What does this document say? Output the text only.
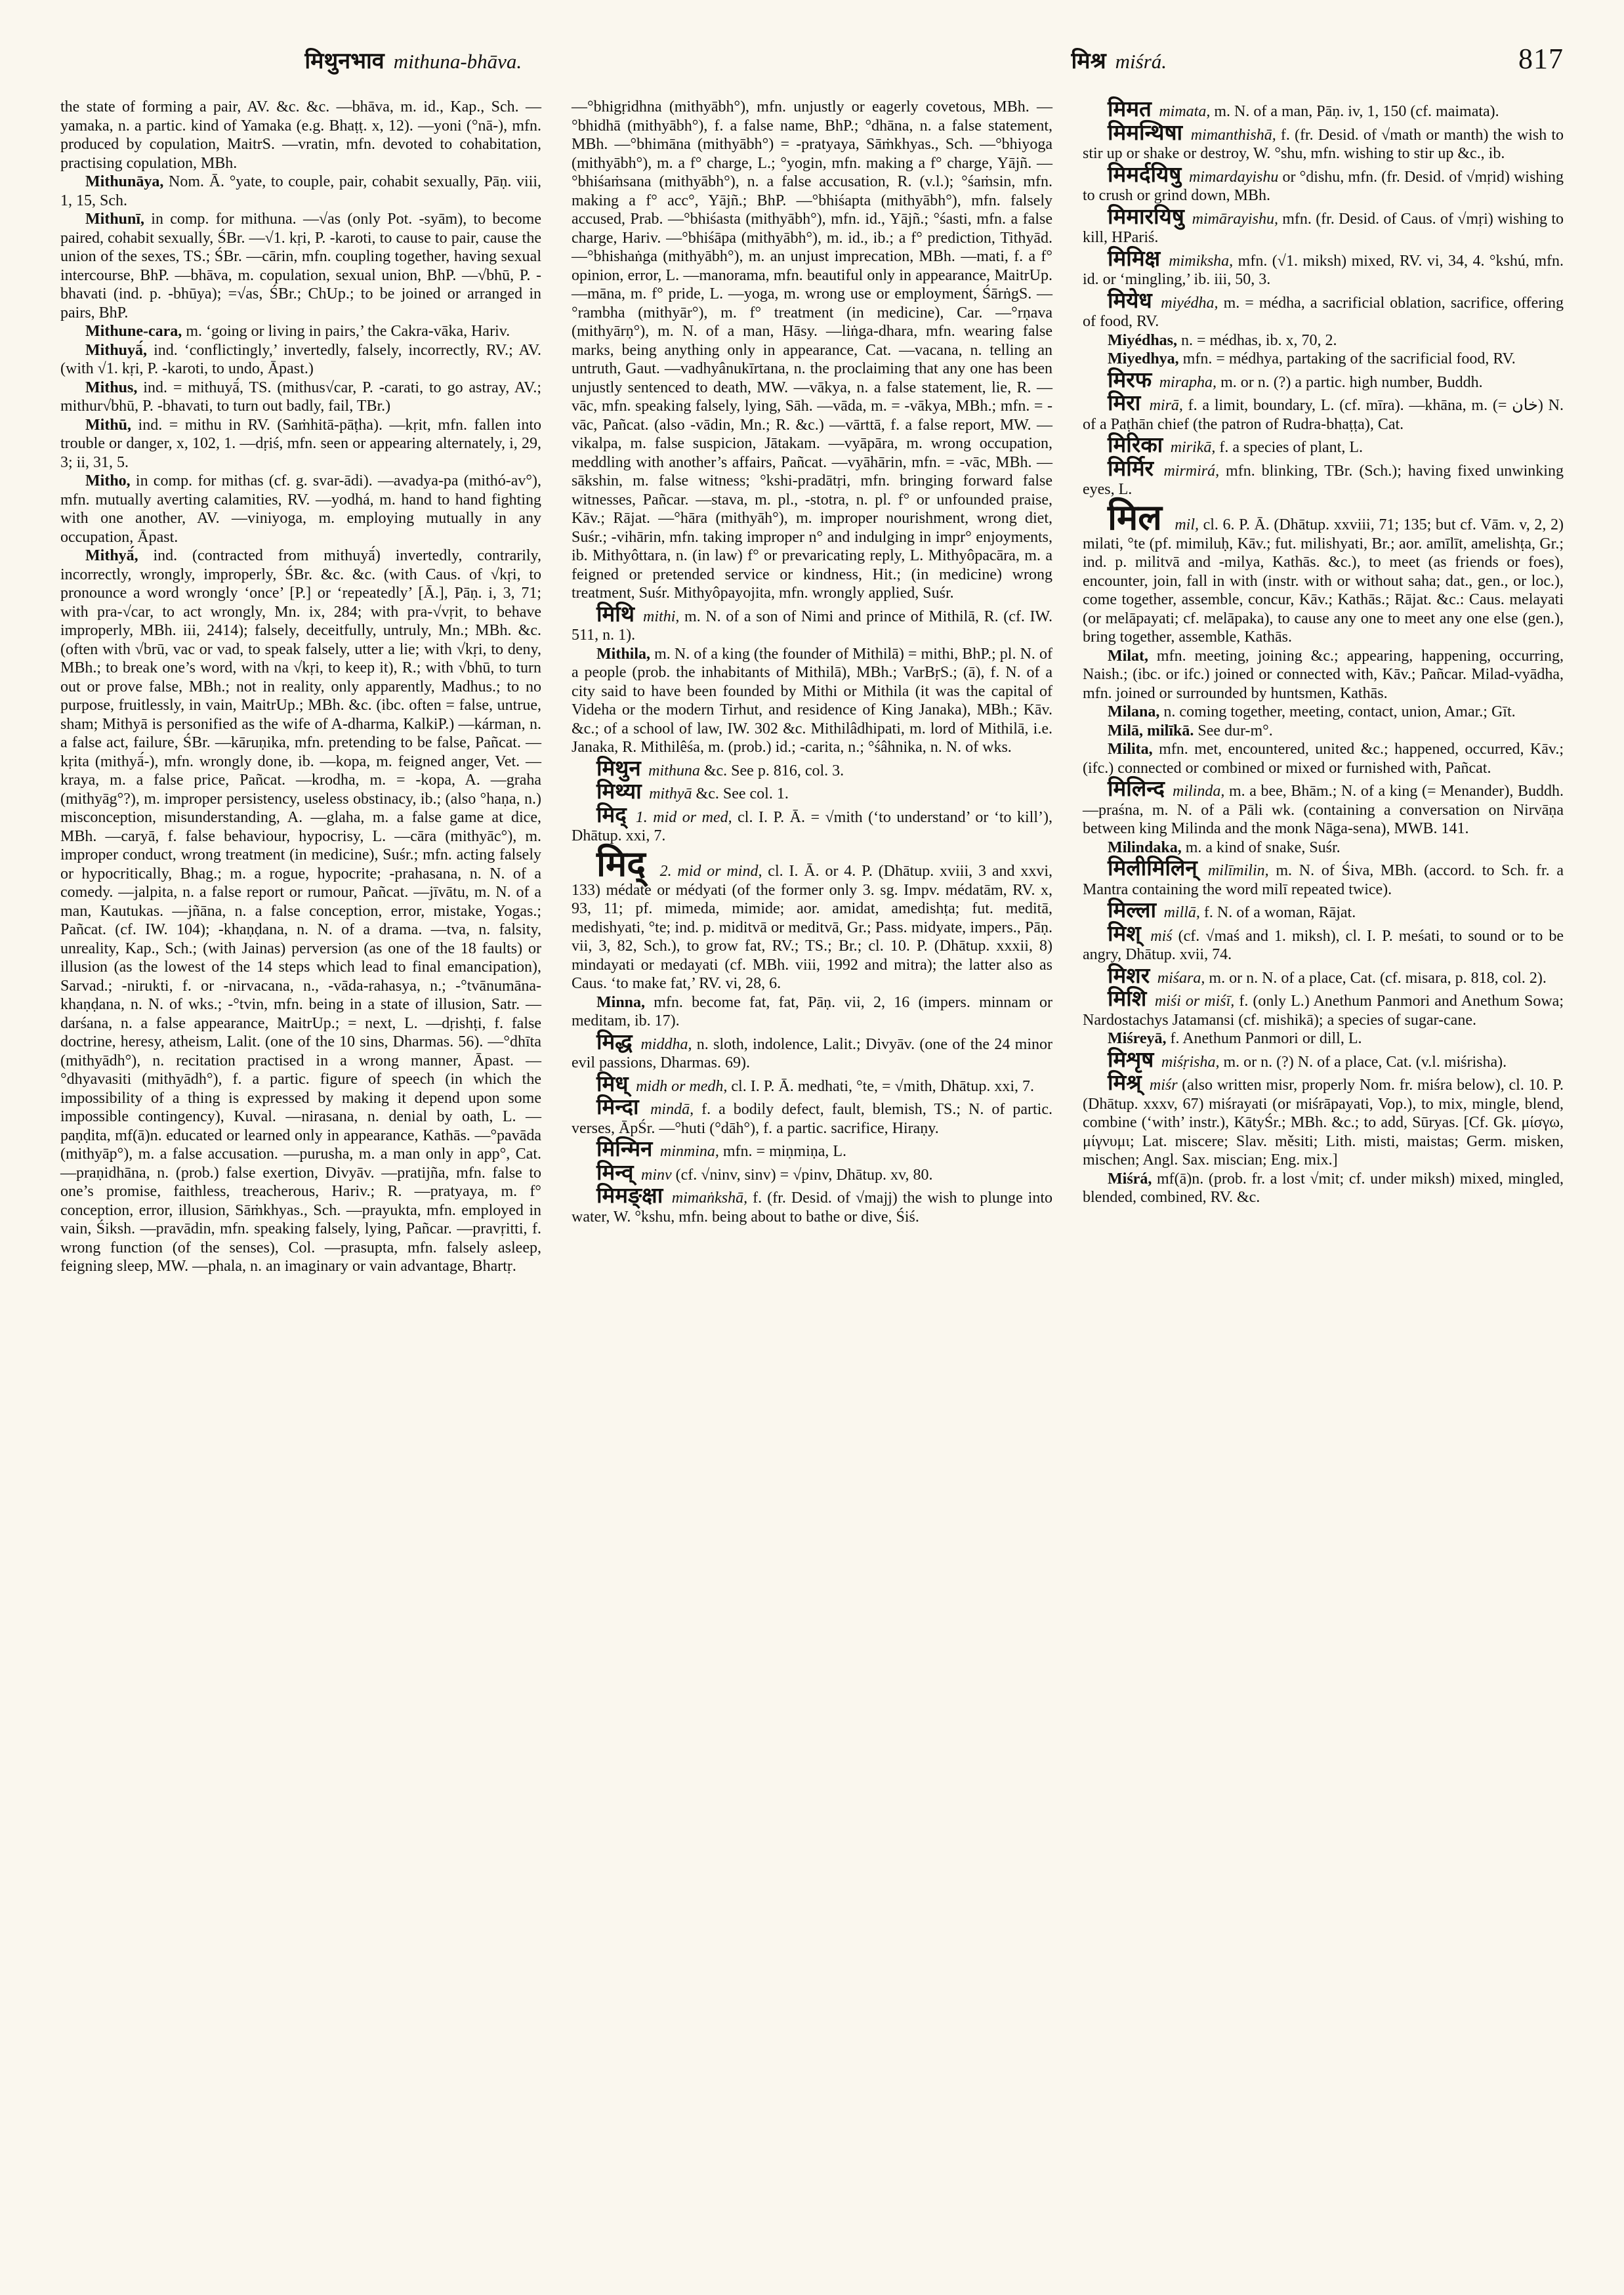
मिथुनभाव mithuna-bhāva.	मिश्र miśrá.	817

the state of forming a pair, AV. &c. &c. —bhāva, m. id., Kap., Sch. —yamaka, n. a partic. kind of Yamaka (e.g. Bhaṭṭ. x, 12). —yoni (°nā-), mfn. produced by copulation, MaitrS. —vratin, mfn. devoted to cohabitation, practising copulation, MBh.

Mithunāya, Nom. Ā. °yate, to couple, pair, cohabit sexually, Pāṇ. viii, 1, 15, Sch.

Mithunī, in comp. for mithuna. —√as (only Pot. -syām), to become paired, cohabit sexually, ŚBr. —√1. kṛi, P. -karoti, to cause to pair, cause the union of the sexes, TS.; ŚBr. —cārin, mfn. coupling together, having sexual intercourse, BhP. —bhāva, m. copulation, sexual union, BhP. —√bhū, P. -bhavati (ind. p. -bhūya); =√as, ŚBr.; ChUp.; to be joined or arranged in pairs, BhP.

Mithune-cara, m. ‘going or living in pairs,’ the Cakra-vāka, Hariv.

Mithuyā́, ind. ‘conflictingly,’ invertedly, falsely, incorrectly, RV.; AV. (with √1. kṛi, P. -karoti, to undo, Āpast.)

Mithus, ind. = mithuyā́, TS. (mithus√car, P. -carati, to go astray, AV.; mithur√bhū, P. -bhavati, to turn out badly, fail, TBr.)

Mithū, ind. = mithu in RV. (Saṁhitā-pāṭha). —kṛit, mfn. fallen into trouble or danger, x, 102, 1. —dṛiś, mfn. seen or appearing alternately, i, 29, 3; ii, 31, 5.

Mitho, in comp. for mithas (cf. g. svar-ādi). —avadya-pa (mithó-av°), mfn. mutually averting calamities, RV. —yodhá, m. hand to hand fighting with one another, AV. —viniyoga, m. employing mutually in any occupation, Āpast.

Mithyā́, ind. (contracted from mithuyā́) invertedly, contrarily, incorrectly, wrongly, improperly, ŚBr. &c. &c. (with Caus. of √kṛi, to pronounce a word wrongly ‘once’ [P.] or ‘repeatedly’ [Ā.], Pāṇ. i, 3, 71; with pra-√car, to act wrongly, Mn. ix, 284; with pra-√vṛit, to behave improperly, MBh. iii, 2414); falsely, deceitfully, untruly, Mn.; MBh. &c. (often with √brū, vac or vad, to speak falsely, utter a lie; with √kṛi, to deny, MBh.; to break one’s word, with na √kṛi, to keep it), R.; with √bhū, to turn out or prove false, MBh.; not in reality, only apparently, Madhus.; to no purpose, fruitlessly, in vain, MaitrUp.; MBh. &c. (ibc. often = false, untrue, sham; Mithyā is personified as the wife of A-dharma, KalkiP.) —kárman, n. a false act, failure, ŚBr. —kāruṇika, mfn. pretending to be false, Pañcat. —kṛita (mithyā́-), mfn. wrongly done, ib. —kopa, m. feigned anger, Vet. —kraya, m. a false price, Pañcat. —krodha, m. = -kopa, A. —graha (mithyāg°?), m. improper persistency, useless obstinacy, ib.; (also °haṇa, n.) misconception, misunderstanding, A. —glaha, m. a false game at dice, MBh. —caryā, f. false behaviour, hypocrisy, L. —cāra (mithyāc°), m. improper conduct, wrong treatment (in medicine), Suśr.; mfn. acting falsely or hypocritically, Bhag.; m. a rogue, hypocrite; -prahasana, n. N. of a comedy. —jalpita, n. a false report or rumour, Pañcat. —jīvātu, m. N. of a man, Kautukas. —jñāna, n. a false conception, error, mistake, Yogas.; Pañcat. (cf. IW. 104); -khaṇḍana, n. N. of a drama. —tva, n. falsity, unreality, Kap., Sch.; (with Jainas) perversion (as one of the 18 faults) or illusion (as the lowest of the 14 steps which lead to final emancipation), Sarvad.; -nirukti, f. or -nirvacana, n., -vāda-rahasya, n.; -°tvānumāna-khaṇḍana, n. N. of wks.; -°tvin, mfn. being in a state of illusion, Satr. —darśana, n. a false appearance, MaitrUp.; = next, L. —dṛishṭi, f. false doctrine, heresy, atheism, Lalit. (one of the 10 sins, Dharmas. 56). —°dhīta (mithyādh°), n. recitation practised in a wrong manner, Āpast. —°dhyavasiti (mithyādh°), f. a partic. figure of speech (in which the impossibility of a thing is expressed by making it depend upon some impossible contingency), Kuval. —nirasana, n. denial by oath, L. —paṇḍita, mf(ā)n. educated or learned only in appearance, Kathās. —°pavāda (mithyāp°), m. a false accusation. —purusha, m. a man only in app°, Cat. —praṇidhāna, n. (prob.) false exertion, Divyāv. —pratijña, mfn. false to one’s promise, faithless, treacherous, Hariv.; R. —pratyaya, m. f° conception, error, illusion, Sāṁkhyas., Sch. —prayukta, mfn. employed in vain, Śiksh. —pravādin, mfn. speaking falsely, lying, Pañcar. —pravṛitti, f. wrong function (of the senses), Col. —prasupta, mfn. falsely asleep, feigning sleep, MW. —phala, n. an imaginary or vain advantage, Bhartṛ.

—°bhigṛidhna (mithyābh°), mfn. unjustly or eagerly covetous, MBh. —°bhidhā (mithyābh°), f. a false name, BhP.; °dhāna, n. a false statement, MBh. —°bhimāna (mithyābh°) = -pratyaya, Sāṁkhyas., Sch. —°bhiyoga (mithyābh°), m. a f° charge, L.; °yogin, mfn. making a f° charge, Yājñ. —°bhiśaṁsana (mithyābh°), n. a false accusation, R. (v.l.); °śaṁsin, mfn. making a f° acc°, Yājñ.; BhP. —°bhiśapta (mithyābh°), mfn. falsely accused, Prab. —°bhiśasta (mithyābh°), mfn. id., Yājñ.; °śasti, mfn. a false charge, Hariv. —°bhiśāpa (mithyābh°), m. id., ib.; a f° prediction, Tithyād. —°bhishaṅga (mithyābh°), m. an unjust imprecation, MBh. —mati, f. a f° opinion, error, L. —manorama, mfn. beautiful only in appearance, MaitrUp. —māna, m. f° pride, L. —yoga, m. wrong use or employment, ŚārṅgS. —°rambha (mithyār°), m. f° treatment (in medicine), Car. —°rṇava (mithyārṇ°), m. N. of a man, Hāsy. —liṅga-dhara, mfn. wearing false marks, being anything only in appearance, Cat. —vacana, n. telling an untruth, Gaut. —vadhyânukīrtana, n. the proclaiming that any one has been unjustly sentenced to death, MW. —vākya, n. a false statement, lie, R. —vāc, mfn. speaking falsely, lying, Sāh. —vāda, m. = -vākya, MBh.; mfn. = -vāc, Pañcat. (also -vādin, Mn.; R. &c.) —vārttā, f. a false report, MW. —vikalpa, m. false suspicion, Jātakam. —vyāpāra, m. wrong occupation, meddling with another’s affairs, Pañcat. —vyāhārin, mfn. = -vāc, MBh. —sākshin, m. false witness; °kshi-pradātṛi, mfn. bringing forward false witnesses, Pañcar. —stava, m. pl., -stotra, n. pl. f° or unfounded praise, Kāv.; Rājat. —°hāra (mithyāh°), m. improper nourishment, wrong diet, Suśr.; -vihārin, mfn. taking improper n° and indulging in impr° enjoyments, ib. Mithyôttara, n. (in law) f° or prevaricating reply, L. Mithyôpacāra, m. a feigned or pretended service or kindness, Hit.; (in medicine) wrong treatment, Suśr. Mithyôpayojita, mfn. wrongly applied, Suśr.

मिथि mithi, m. N. of a son of Nimi and prince of Mithilā, R. (cf. IW. 511, n. 1).

Mithila, m. N. of a king (the founder of Mithilā) = mithi, BhP.; pl. N. of a people (prob. the inhabitants of Mithilā), MBh.; VarBṛS.; (ā), f. N. of a city said to have been founded by Mithi or Mithila (it was the capital of Videha or the modern Tirhut, and residence of King Janaka), MBh.; Kāv. &c.; of a school of law, IW. 302 &c. Mithilâdhipati, m. lord of Mithilā, i.e. Janaka, R. Mithilêśa, m. (prob.) id.; -carita, n.; °śâhnika, n. N. of wks.

मिथुन mithuna &c. See p. 816, col. 3.

मिथ्या mithyā &c. See col. 1.

मिद् 1. mid or med, cl. I. P. Ā. = √mith (‘to understand’ or ‘to kill’), Dhātup. xxi, 7.

मिद् 2. mid or mind, cl. I. Ā. or 4. P. (Dhātup. xviii, 3 and xxvi, 133) médate or médyati (of the former only 3. sg. Impv. médatām, RV. x, 93, 11; pf. mimeda, mimide; aor. amidat, amedishṭa; fut. meditā, medishyati, °te; ind. p. miditvā or meditvā, Gr.; Pass. midyate, impers., Pāṇ. vii, 3, 82, Sch.), to grow fat, RV.; TS.; Br.; cl. 10. P. (Dhātup. xxxii, 8) mindayati or medayati (cf. MBh. viii, 1992 and mitra); the latter also as Caus. ‘to make fat,’ RV. vi, 28, 6.

Minna, mfn. become fat, fat, Pāṇ. vii, 2, 16 (impers. minnam or meditam, ib. 17).

मिद्ध middha, n. sloth, indolence, Lalit.; Divyāv. (one of the 24 minor evil passions, Dharmas. 69).

मिध् midh or medh, cl. I. P. Ā. medhati, °te, = √mith, Dhātup. xxi, 7.

मिन्दा mindā, f. a bodily defect, fault, blemish, TS.; N. of partic. verses, ĀpŚr. —°huti (°dāh°), f. a partic. sacrifice, Hiraṇy.

मिन्मिन minmina, mfn. = miṇmiṇa, L.

मिन्व् minv (cf. √ninv, sinv) = √pinv, Dhātup. xv, 80.

मिमङ्क्षा mimaṅkshā, f. (fr. Desid. of √majj) the wish to plunge into water, W. °kshu, mfn. being about to bathe or dive, Śiś.

मिमत mimata, m. N. of a man, Pāṇ. iv, 1, 150 (cf. maimata).

मिमन्थिषा mimanthishā, f. (fr. Desid. of √math or manth) the wish to stir up or shake or destroy, W. °shu, mfn. wishing to stir up &c., ib.

मिमर्दयिषु mimardayishu or °dishu, mfn. (fr. Desid. of √mṛid) wishing to crush or grind down, MBh.

मिमारयिषु mimārayishu, mfn. (fr. Desid. of Caus. of √mṛi) wishing to kill, HPariś.

मिमिक्ष mimiksha, mfn. (√1. miksh) mixed, RV. vi, 34, 4. °kshú, mfn. id. or ‘mingling,’ ib. iii, 50, 3.

मियेध miyédha, m. = médha, a sacrificial oblation, sacrifice, offering of food, RV.

Miyédhas, n. = médhas, ib. x, 70, 2.

Miyedhya, mfn. = médhya, partaking of the sacrificial food, RV.

मिरफ mirapha, m. or n. (?) a partic. high number, Buddh.

मिरा mirā, f. a limit, boundary, L. (cf. mīra). —khāna, m. (= خان) N. of a Paṭhān chief (the patron of Rudra-bhaṭṭa), Cat.

मिरिका mirikā, f. a species of plant, L.

मिर्मिर mirmirá, mfn. blinking, TBr. (Sch.); having fixed unwinking eyes, L.

मिल mil, cl. 6. P. Ā. (Dhātup. xxviii, 71; 135; but cf. Vām. v, 2, 2) milati, °te (pf. mimiluḥ, Kāv.; fut. milishyati, Br.; aor. amīlīt, amelishṭa, Gr.; ind. p. militvā and -milya, Kathās. &c.), to meet (as friends or foes), encounter, join, fall in with (instr. with or without saha; dat., gen., or loc.), come together, assemble, concur, Kāv.; Kathās.; Rājat. &c.: Caus. melayati (or melāpayati; cf. melāpaka), to cause any one to meet any one else (gen.), bring together, assemble, Kathās.

Milat, mfn. meeting, joining &c.; appearing, happening, occurring, Naish.; (ibc. or ifc.) joined or connected with, Kāv.; Pañcar. Milad-vyādha, mfn. joined or surrounded by huntsmen, Kathās.

Milana, n. coming together, meeting, contact, union, Amar.; Gīt.

Milā, milīkā. See dur-m°.

Milita, mfn. met, encountered, united &c.; happened, occurred, Kāv.; (ifc.) connected or combined or mixed or furnished with, Pañcat.

मिलिन्द milinda, m. a bee, Bhām.; N. of a king (= Menander), Buddh. —praśna, m. N. of a Pāli wk. (containing a conversation on Nirvāṇa between king Milinda and the monk Nāga-sena), MWB. 141.

Milindaka, m. a kind of snake, Suśr.

मिलीमिलिन् milīmilin, m. N. of Śiva, MBh. (accord. to Sch. fr. a Mantra containing the word milī repeated twice).

मिल्ला millā, f. N. of a woman, Rājat.

मिश् miś (cf. √maś and 1. miksh), cl. I. P. meśati, to sound or to be angry, Dhātup. xvii, 74.

मिशर miśara, m. or n. N. of a place, Cat. (cf. misara, p. 818, col. 2).

मिशि miśi or miśī, f. (only L.) Anethum Panmori and Anethum Sowa; Nardostachys Jatamansi (cf. mishikā); a species of sugar-cane.

Miśreyā, f. Anethum Panmori or dill, L.

मिशृष miśṛisha, m. or n. (?) N. of a place, Cat. (v.l. miśrisha).

मिश्र् miśr (also written misr, properly Nom. fr. miśra below), cl. 10. P. (Dhātup. xxxv, 67) miśrayati (or miśrāpayati, Vop.), to mix, mingle, blend, combine (‘with’ instr.), KātyŚr.; MBh. &c.; to add, Sūryas. [Cf. Gk. μίσγω, μίγνυμι; Lat. miscere; Slav. měsiti; Lith. misti, maistas; Germ. misken, mischen; Angl. Sax. miscian; Eng. mix.]

Miśrá, mf(ā)n. (prob. fr. a lost √mit; cf. under miksh) mixed, mingled, blended, combined, RV. &c.
